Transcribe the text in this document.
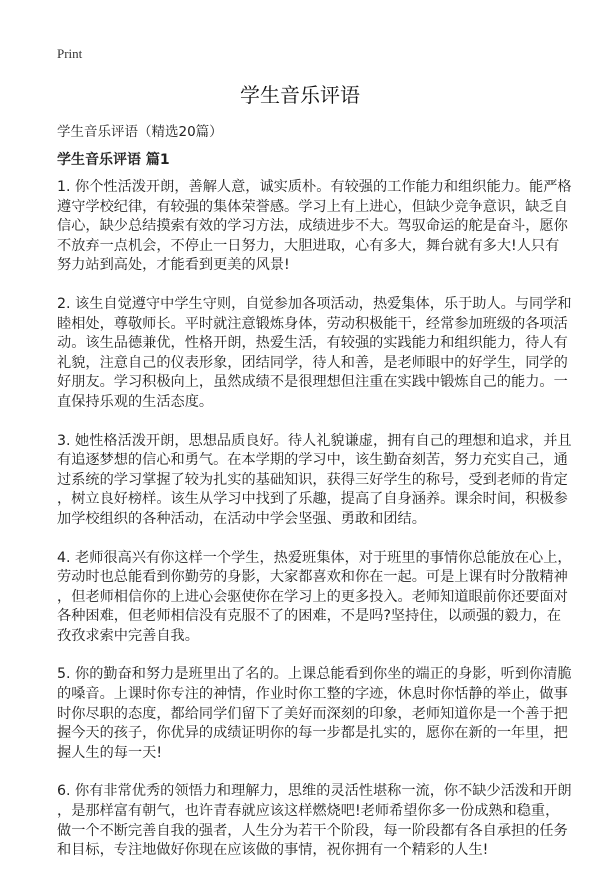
Print
学生音乐评语
学生音乐评语（精选20篇）
学生音乐评语 篇1
1. 你个性活泼开朗，善解人意，诚实质朴。有较强的工作能力和组织能力。能严格
遵守学校纪律，有较强的集体荣誉感。学习上有上进心，但缺少竞争意识，缺乏自
信心，缺少总结摸索有效的学习方法，成绩进步不大。驾驭命运的舵是奋斗，愿你
不放弃一点机会，不停止一日努力，大胆进取，心有多大，舞台就有多大!人只有
努力站到高处，才能看到更美的风景!
2. 该生自觉遵守中学生守则，自觉参加各项活动，热爱集体，乐于助人。与同学和
睦相处，尊敬师长。平时就注意锻炼身体，劳动积极能干，经常参加班级的各项活
动。该生品德兼优，性格开朗，热爱生活，有较强的实践能力和组织能力，待人有
礼貌，注意自己的仪表形象，团结同学，待人和善，是老师眼中的好学生，同学的
好朋友。学习积极向上，虽然成绩不是很理想但注重在实践中锻炼自己的能力。一
直保持乐观的生活态度。
3. 她性格活泼开朗，思想品质良好。待人礼貌谦虚，拥有自己的理想和追求，并且
有追逐梦想的信心和勇气。在本学期的学习中，该生勤奋刻苦，努力充实自己，通
过系统的学习掌握了较为扎实的基础知识，获得三好学生的称号，受到老师的肯定
，树立良好榜样。该生从学习中找到了乐趣，提高了自身涵养。课余时间，积极参
加学校组织的各种活动，在活动中学会坚强、勇敢和团结。
4. 老师很高兴有你这样一个学生，热爱班集体，对于班里的事情你总能放在心上，
劳动时也总能看到你勤劳的身影，大家都喜欢和你在一起。可是上课有时分散精神
，但老师相信你的上进心会驱使你在学习上的更多投入。老师知道眼前你还要面对
各种困难，但老师相信没有克服不了的困难，不是吗?坚持住，以顽强的毅力，在
孜孜求索中完善自我。
5. 你的勤奋和努力是班里出了名的。上课总能看到你坐的端正的身影，听到你清脆
的嗓音。上课时你专注的神情，作业时你工整的字迹，休息时你恬静的举止，做事
时你尽职的态度，都给同学们留下了美好而深刻的印象，老师知道你是一个善于把
握今天的孩子，你优异的成绩证明你的每一步都是扎实的，愿你在新的一年里，把
握人生的每一天!
6. 你有非常优秀的领悟力和理解力，思维的灵活性堪称一流，你不缺少活泼和开朗
，是那样富有朝气，也许青春就应该这样燃烧吧!老师希望你多一份成熟和稳重，
做一个不断完善自我的强者，人生分为若干个阶段，每一阶段都有各自承担的任务
和目标，专注地做好你现在应该做的事情，祝你拥有一个精彩的人生!
